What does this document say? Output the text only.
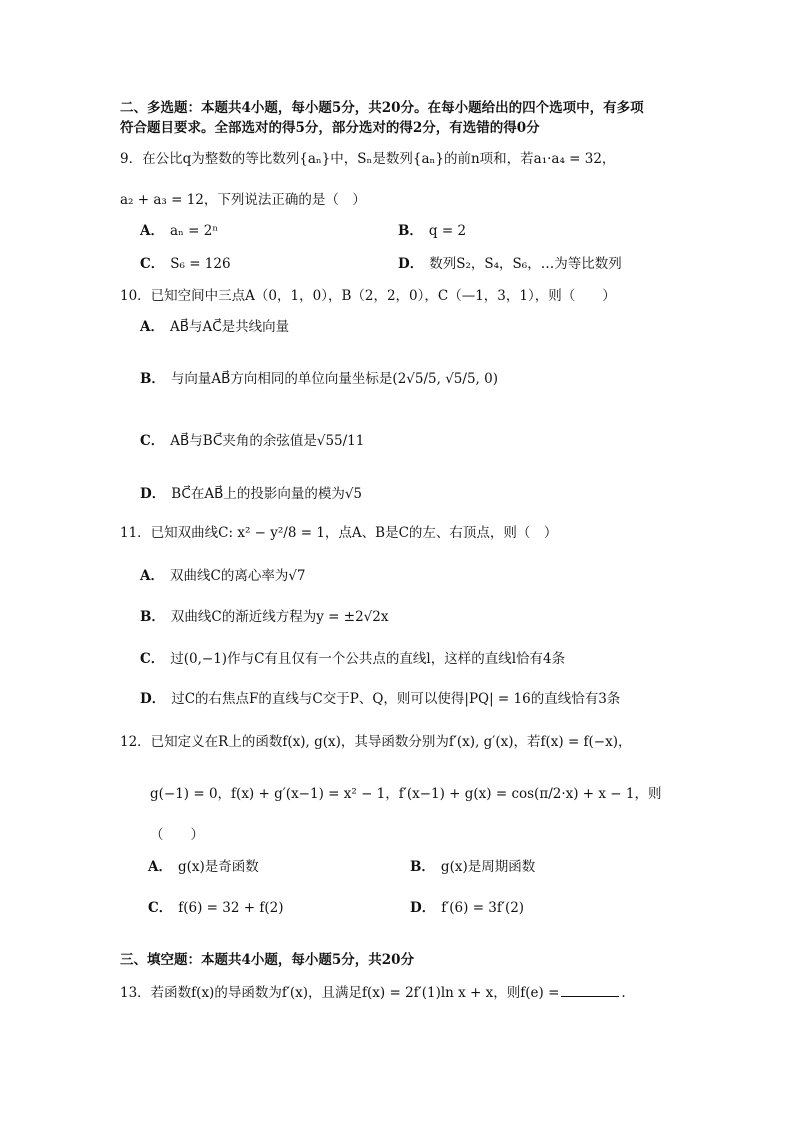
二、多选题：本题共4小题，每小题5分，共20分。在每小题给出的四个选项中，有多项
符合题目要求。全部选对的得5分，部分选对的得2分，有选错的得0分
9．在公比q为整数的等比数列{aₙ}中，Sₙ是数列{aₙ}的前n项和，若a₁·a₄ = 32，
a₂ + a₃ = 12，下列说法正确的是（　）
A． aₙ = 2ⁿ	B． q = 2
C． S₆ = 126	D． 数列S₂，S₄，S₆，…为等比数列
10．已知空间中三点A（0，1，0），B（2，2，0），C（—1，3，1），则（　　）
A． AB⃗与AC⃗是共线向量
B． 与向量AB⃗方向相同的单位向量坐标是(2√5/5, √5/5, 0)
C． AB⃗与BC⃗夹角的余弦值是√55/11
D． BC⃗在AB⃗上的投影向量的模为√5
11．已知双曲线C: x² − y²/8 = 1，点A、B是C的左、右顶点，则（　）
A． 双曲线C的离心率为√7
B． 双曲线C的渐近线方程为y = ±2√2x
C． 过(0,−1)作与C有且仅有一个公共点的直线l，这样的直线l恰有4条
D． 过C的右焦点F的直线与C交于P、Q，则可以使得|PQ| = 16的直线恰有3条
12．已知定义在R上的函数f(x), g(x)，其导函数分别为f′(x), g′(x)，若f(x) = f(−x)，
g(−1) = 0，f(x) + g′(x−1) = x² − 1，f′(x−1) + g(x) = cos(π/2·x) + x − 1，则
（　　）
A． g(x)是奇函数	B． g(x)是周期函数
C． f(6) = 32 + f(2)	D． f′(6) = 3f′(2)
三、填空题：本题共4小题，每小题5分，共20分
13．若函数f(x)的导函数为f′(x)，且满足f(x) = 2f′(1)ln x + x，则f(e) =	.
